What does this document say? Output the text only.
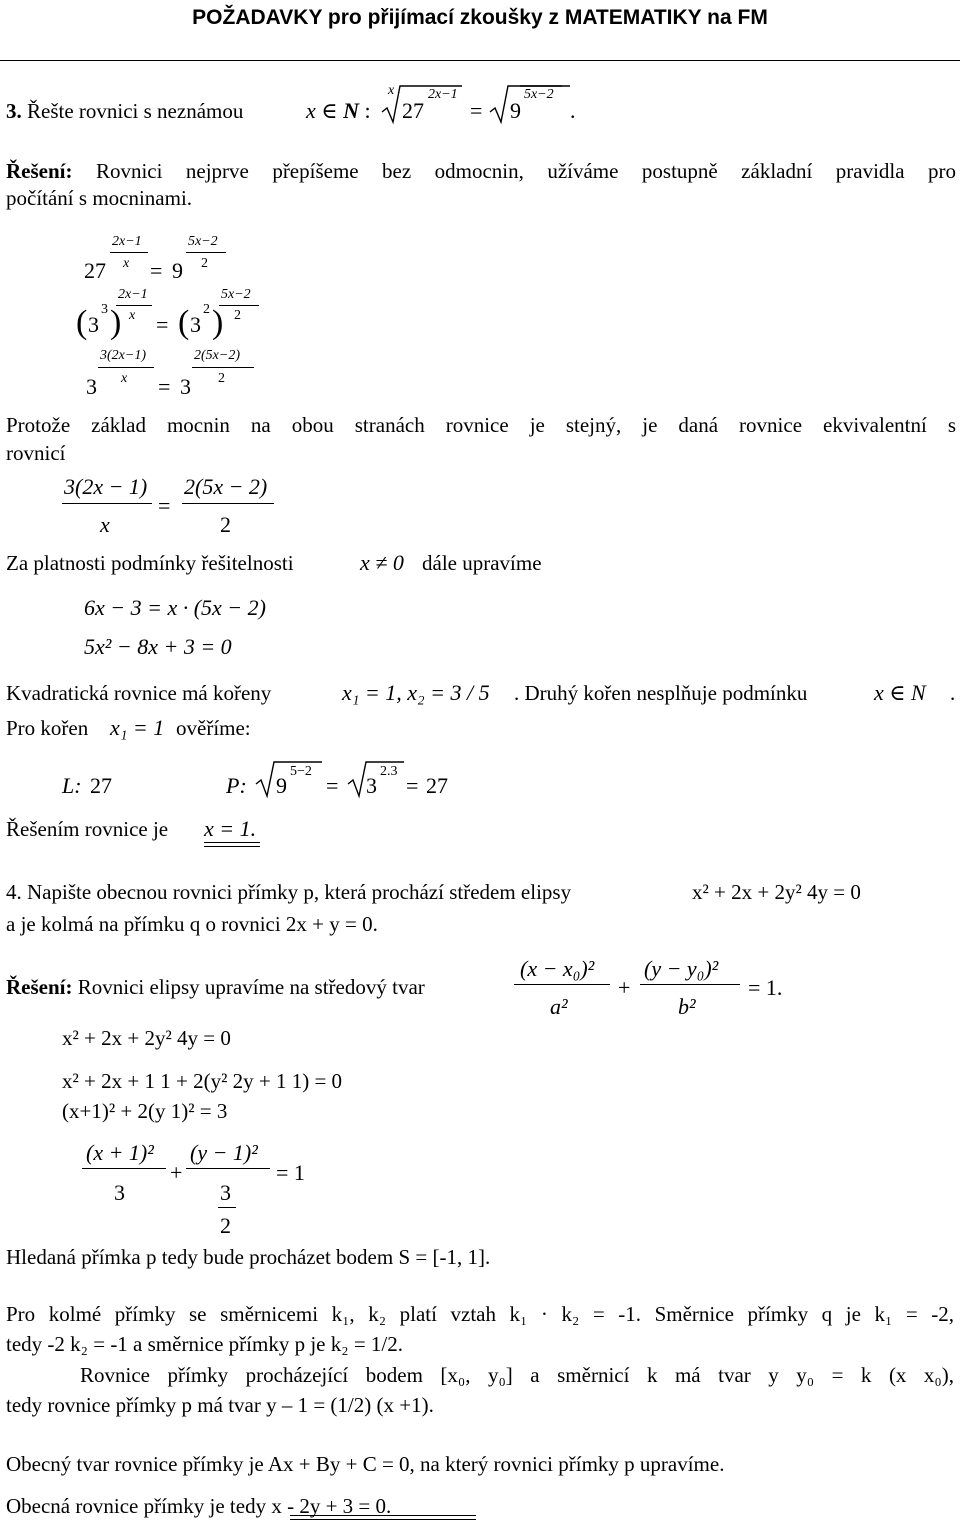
POŽADAVKY pro přijímací zkoušky z MATEMATIKY na FM
3. Řešte rovnici s neznámou	x ∈ N :
x
27
2x−1
= 9
5x−2
.
Řešení: Rovnici nejprve přepíšeme bez odmocnin, užíváme postupně základní pravidla pro
počítání s mocninami.
27
2x−1
x = 9
5x−2
2
( 3
3 )
2x−1
x = ( 3
2 )
5x−2
2
3
3(2x−1)
x = 3
2(5x−2)
2
Protože základ mocnin na obou stranách rovnice je stejný, je daná rovnice ekvivalentní s
rovnicí
3(2x − 1)
x
=
2(5x − 2)
2
Za platnosti podmínky řešitelnosti	x ≠ 0 dále upravíme
6x − 3 = x · (5x − 2)
5x² − 8x + 3 = 0
Kvadratická rovnice má kořeny	x₁ = 1, x₂ = 3 / 5 . Druhý kořen nesplňuje podmínku	x ∈ N .
Pro kořen x₁ = 1 ověříme:
L: 27	P: 9
5−2
= 3
2.3
= 27
Řešením rovnice je x = 1.
4. Napište obecnou rovnici přímky p, která prochází středem elipsy	x² + 2x + 2y² 4y = 0
a je kolmá na přímku q o rovnici 2x + y = 0.
Řešení: Rovnici elipsy upravíme na středový tvar
(x − x₀)²
a²
+
(y − y₀)²
b²
= 1.
x² + 2x + 2y² 4y = 0
x² + 2x + 1 1 + 2(y² 2y + 1 1) = 0
(x+1)² + 2(y 1)² = 3
(x + 1)²
3
+
(y − 1)²
3
2
= 1
Hledaná přímka p tedy bude procházet bodem S = [-1, 1].
Pro kolmé přímky se směrnicemi k₁, k₂ platí vztah k₁ · k₂ = -1. Směrnice přímky q je k₁ = -2,
tedy -2 k₂ = -1 a směrnice přímky p je k₂ = 1/2.
Rovnice přímky procházející bodem [x₀, y₀] a směrnicí k má tvar y y₀ = k (x x₀),
tedy rovnice přímky p má tvar y – 1 = (1/2) (x +1).
Obecný tvar rovnice přímky je Ax + By + C = 0, na který rovnici přímky p upravíme.
Obecná rovnice přímky je tedy x - 2y + 3 = 0.
